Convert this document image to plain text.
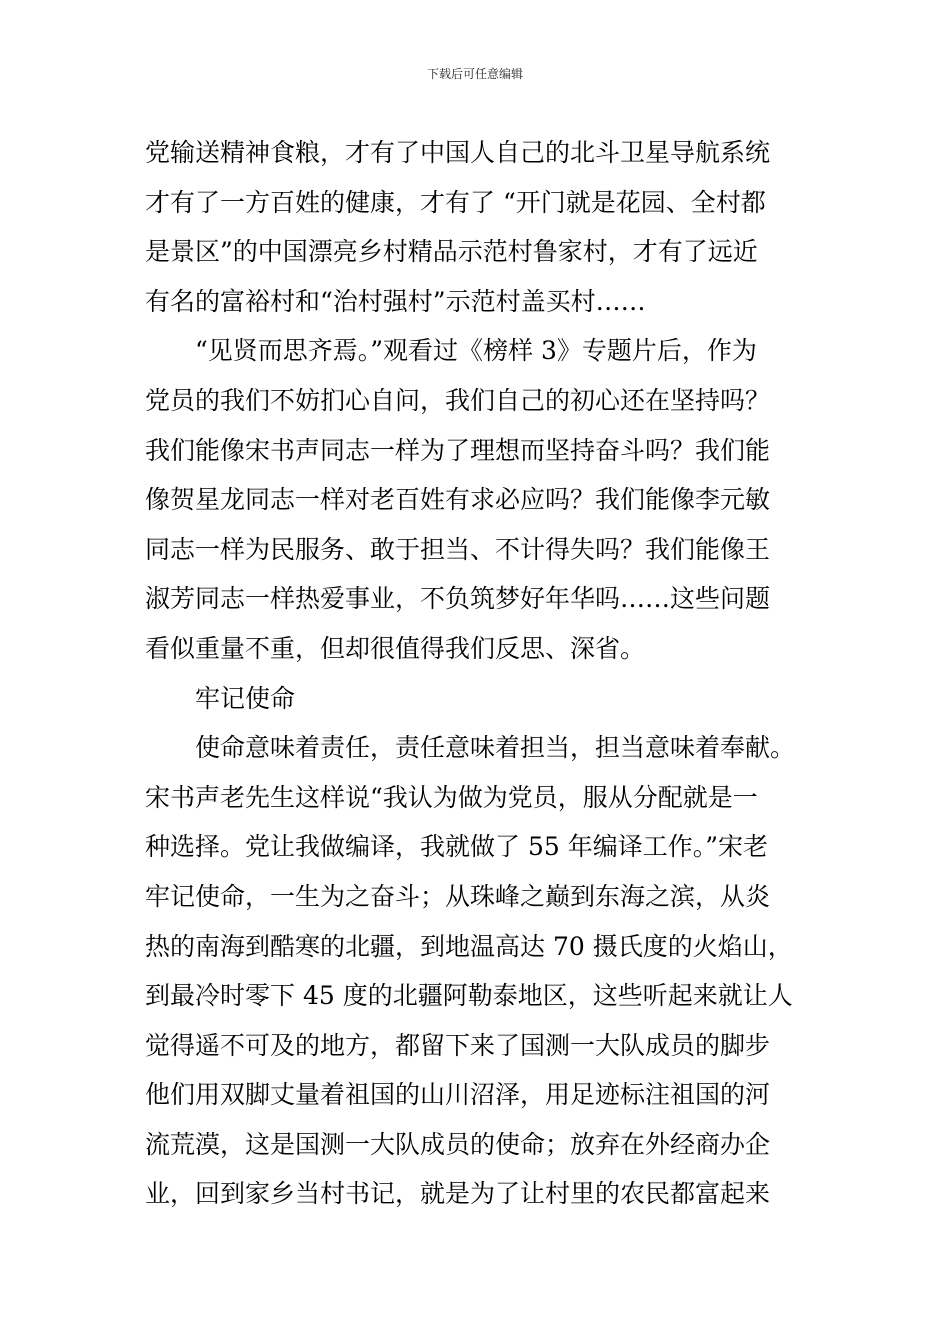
下载后可任意编辑
党输送精神食粮，才有了中国人自己的北斗卫星导航系统
才有了一方百姓的健康，才有了 “开门就是花园、全村都
是景区”的中国漂亮乡村精品示范村鲁家村，才有了远近
有名的富裕村和“治村强村”示范村盖买村……
“见贤而思齐焉。”观看过《榜样 3》专题片后，作为
党员的我们不妨扪心自问，我们自己的初心还在坚持吗？
我们能像宋书声同志一样为了理想而坚持奋斗吗？我们能
像贺星龙同志一样对老百姓有求必应吗？我们能像李元敏
同志一样为民服务、敢于担当、不计得失吗？我们能像王
淑芳同志一样热爱事业，不负筑梦好年华吗……这些问题
看似重量不重，但却很值得我们反思、深省。
牢记使命
使命意味着责任，责任意味着担当，担当意味着奉献。
宋书声老先生这样说“我认为做为党员，服从分配就是一
种选择。党让我做编译，我就做了 55 年编译工作。”宋老
牢记使命，一生为之奋斗；从珠峰之巅到东海之滨，从炎
热的南海到酷寒的北疆，到地温高达 70 摄氏度的火焰山，
到最冷时零下 45 度的北疆阿勒泰地区，这些听起来就让人
觉得遥不可及的地方，都留下来了国测一大队成员的脚步
他们用双脚丈量着祖国的山川沼泽，用足迹标注祖国的河
流荒漠，这是国测一大队成员的使命；放弃在外经商办企
业，回到家乡当村书记，就是为了让村里的农民都富起来
